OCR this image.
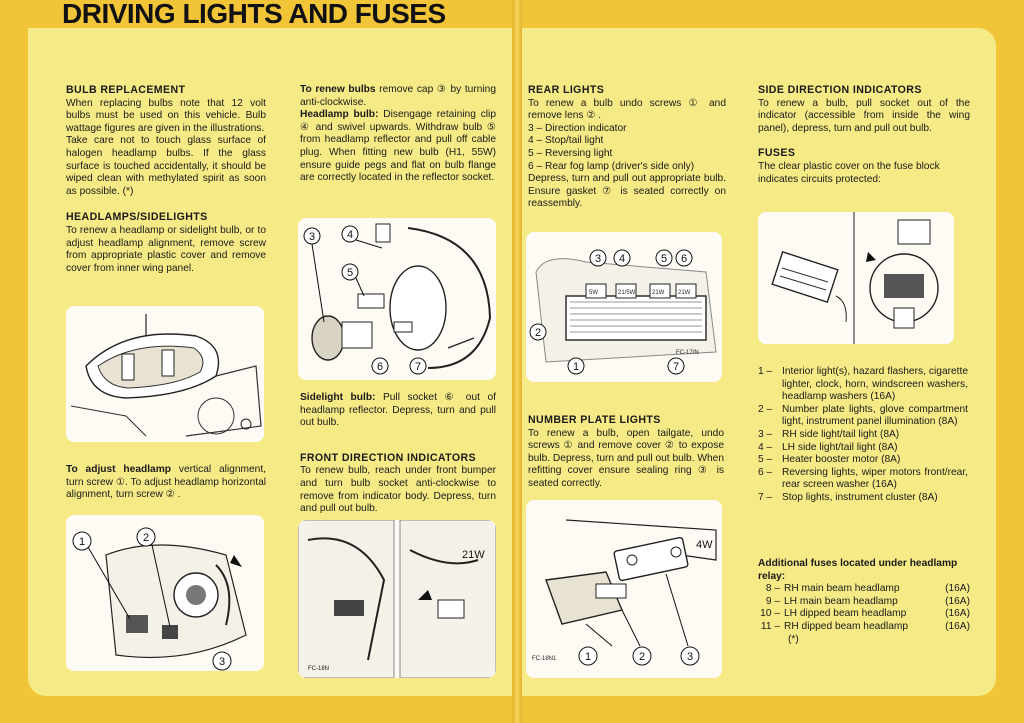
DRIVING LIGHTS AND FUSES
BULB REPLACEMENT

When replacing bulbs note that 12 volt bulbs must be used on this vehicle. Bulb wattage figures are given in the illustrations.

Take care not to touch glass surface of halogen headlamp bulbs. If the glass surface is touched accidentally, it should be wiped clean with methylated spirit as soon as possible. (*)

HEADLAMPS/SIDELIGHTS

To renew a headlamp or sidelight bulb, or to adjust headlamp alignment, remove screw from appropriate plastic cover and remove cover from inner wing panel.

To adjust headlamp vertical alignment, turn screw ①. To adjust headlamp horizontal alignment, turn screw ② .

1	2
3

To renew bulbs remove cap ③ by turning anti-clockwise.

Headlamp bulb: Disengage retaining clip ④ and swivel upwards. Withdraw bulb ⑤ from headlamp reflector and pull off cable plug. When fitting new bulb (H1, 55W) ensure guide pegs and flat on bulb flange are correctly located in the reflector socket.

3	4
5
6	7

Sidelight bulb: Pull socket ⑥ out of headlamp reflector. Depress, turn and pull out bulb.

FRONT DIRECTION INDICATORS

To renew bulb, reach under front bumper and turn bulb socket anti-clockwise to remove from indicator body. Depress, turn and pull out bulb.

21W
FC-18N
REAR LIGHTS

To renew a bulb undo screws ① and remove lens ② .

3 – Direction indicator

4 – Stop/tail light

5 – Reversing light

6 – Rear fog lamp (driver's side only)

Depress, turn and pull out appropriate bulb. Ensure gasket ⑦ is seated correctly on reassembly.

5W	21/5W	21W 21W
3 4	5 6
2
1	7
FC-17/N
NUMBER PLATE LIGHTS

To renew a bulb, open tailgate, undo screws ① and remove cover ② to expose bulb. Depress, turn and pull out bulb. When refitting cover ensure sealing ring ③ is seated correctly.

1	2	3
4W
FC-18N1
SIDE DIRECTION INDICATORS

To renew a bulb, pull socket out of the indicator (accessible from inside the wing panel), depress, turn and pull out bulb.

FUSES

The clear plastic cover on the fuse block indicates circuits protected:

1 – Interior light(s), hazard flashers, cigarette lighter, clock, horn, windscreen washers, headlamp washers (16A)
2 – Number plate lights, glove compartment light, instrument panel illumination (8A)
3 – RH side light/tail light (8A)
4 – LH side light/tail light (8A)
5 – Heater booster motor (8A)
6 – Reversing lights, wiper motors front/rear, rear screen washer (16A)
7 – Stop lights, instrument cluster (8A)
Additional fuses located under headlamp relay:
8 – RH main beam headlamp	(16A)
9 – LH main beam headlamp	(16A)
10 – LH dipped beam headlamp	(16A)
11 – RH dipped beam headlamp	(16A)
(*)
